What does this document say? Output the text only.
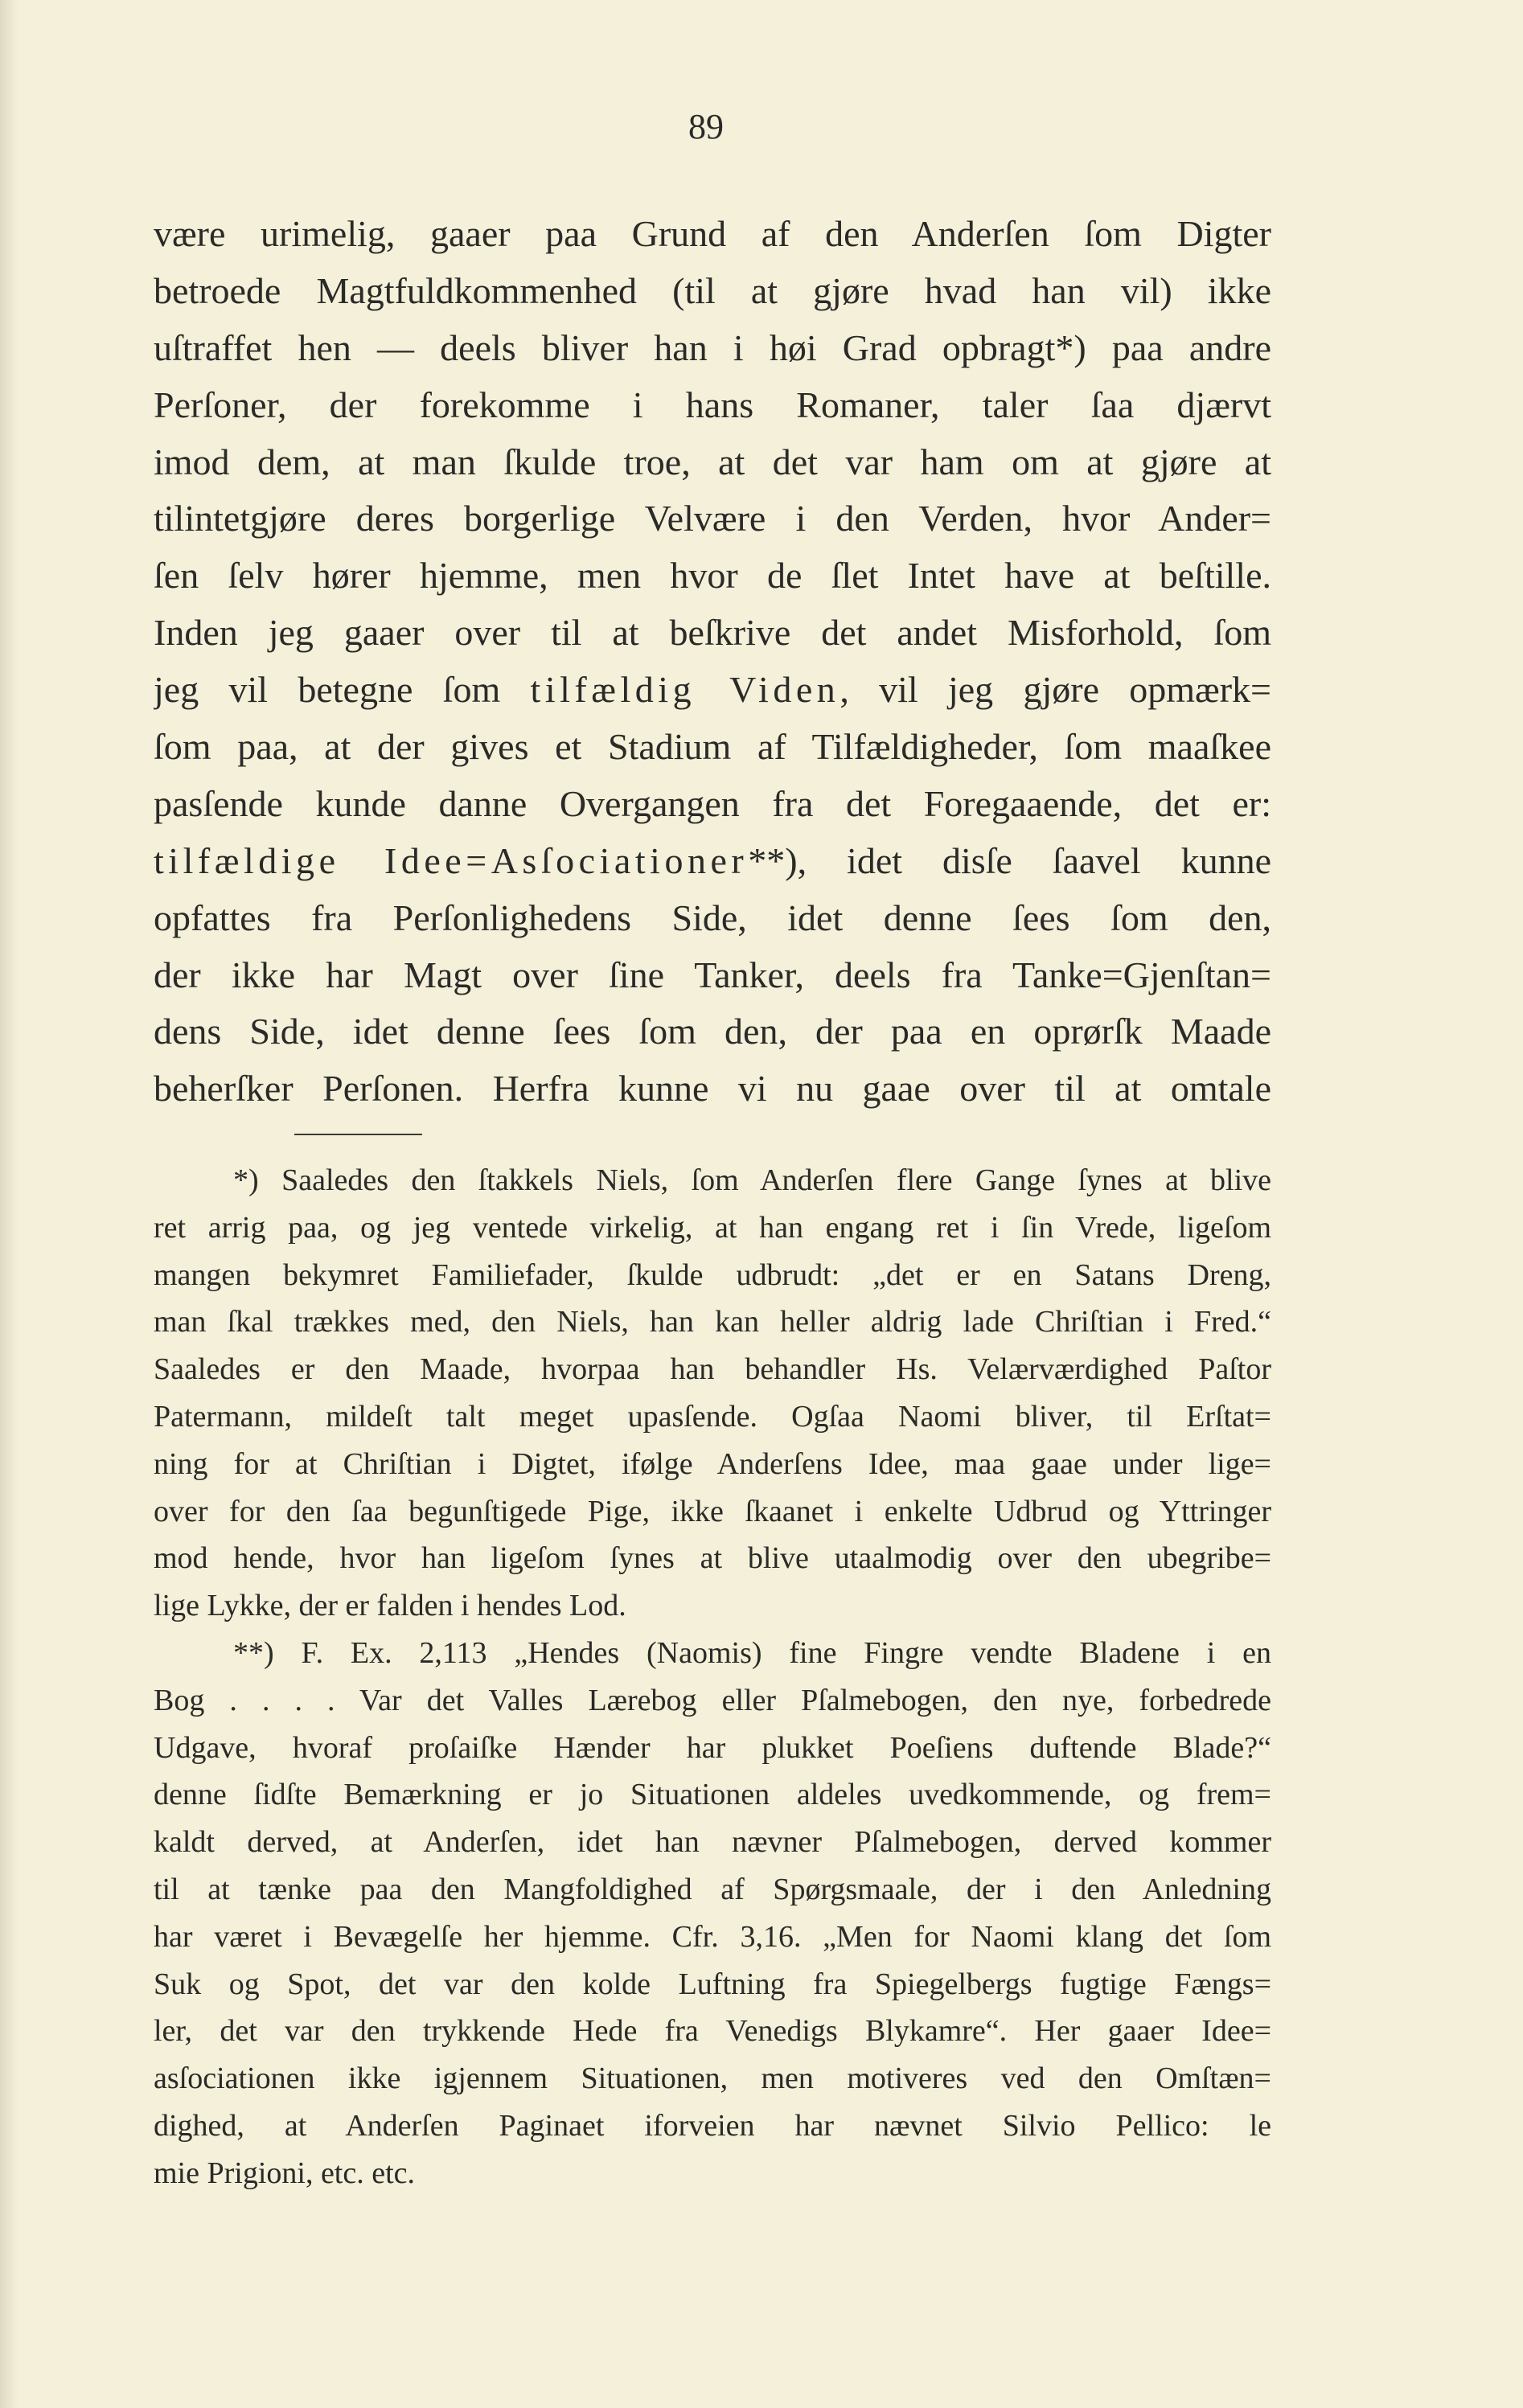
89
være urimelig, gaaer paa Grund af den Anderſen ſom Digter
betroede Magtfuldkommenhed (til at gjøre hvad han vil) ikke
uſtraffet hen — deels bliver han i høi Grad opbragt*) paa andre
Perſoner, der forekomme i hans Romaner, taler ſaa djærvt
imod dem, at man ſkulde troe, at det var ham om at gjøre at
tilintetgjøre deres borgerlige Velvære i den Verden, hvor Ander=
ſen ſelv hører hjemme, men hvor de ſlet Intet have at beſtille.
Inden jeg gaaer over til at beſkrive det andet Misforhold, ſom
jeg vil betegne ſom tilfældig Viden, vil jeg gjøre opmærk=
ſom paa, at der gives et Stadium af Tilfældigheder, ſom maaſkee
pasſende kunde danne Overgangen fra det Foregaaende, det er:
tilfældige Idee=Asſociationer**), idet disſe ſaavel kunne
opfattes fra Perſonlighedens Side, idet denne ſees ſom den,
der ikke har Magt over ſine Tanker, deels fra Tanke=Gjenſtan=
dens Side, idet denne ſees ſom den, der paa en oprørſk Maade
beherſker Perſonen. Herfra kunne vi nu gaae over til at omtale
*) Saaledes den ſtakkels Niels, ſom Anderſen flere Gange ſynes at blive
ret arrig paa, og jeg ventede virkelig, at han engang ret i ſin Vrede, ligeſom
mangen bekymret Familiefader, ſkulde udbrudt: „det er en Satans Dreng,
man ſkal trækkes med, den Niels, han kan heller aldrig lade Chriſtian i Fred.“
Saaledes er den Maade, hvorpaa han behandler Hs. Velærværdighed Paſtor
Patermann, mildeſt talt meget upasſende. Ogſaa Naomi bliver, til Erſtat=
ning for at Chriſtian i Digtet, ifølge Anderſens Idee, maa gaae under lige=
over for den ſaa begunſtigede Pige, ikke ſkaanet i enkelte Udbrud og Yttringer
mod hende, hvor han ligeſom ſynes at blive utaalmodig over den ubegribe=
lige Lykke, der er falden i hendes Lod.
**) F. Ex. 2,113 „Hendes (Naomis) fine Fingre vendte Bladene i en
Bog . . . . Var det Valles Lærebog eller Pſalmebogen, den nye, forbedrede
Udgave, hvoraf proſaiſke Hænder har plukket Poeſiens duftende Blade?“
denne ſidſte Bemærkning er jo Situationen aldeles uvedkommende, og frem=
kaldt derved, at Anderſen, idet han nævner Pſalmebogen, derved kommer
til at tænke paa den Mangfoldighed af Spørgsmaale, der i den Anledning
har været i Bevægelſe her hjemme. Cfr. 3,16. „Men for Naomi klang det ſom
Suk og Spot, det var den kolde Luftning fra Spiegelbergs fugtige Fængs=
ler, det var den trykkende Hede fra Venedigs Blykamre“. Her gaaer Idee=
asſociationen ikke igjennem Situationen, men motiveres ved den Omſtæn=
dighed, at Anderſen Paginaet iforveien har nævnet Silvio Pellico: le
mie Prigioni, etc. etc.
